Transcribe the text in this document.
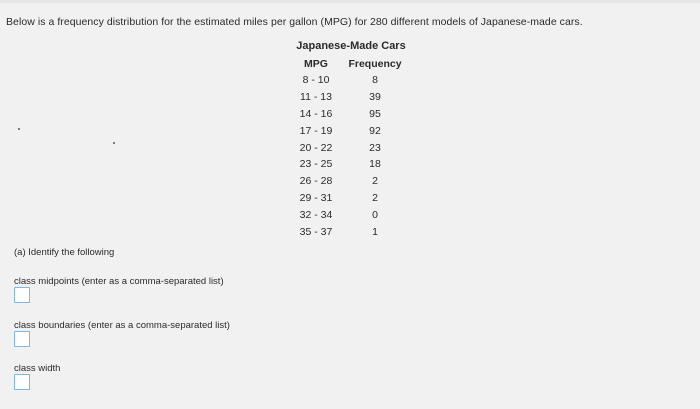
Below is a frequency distribution for the estimated miles per gallon (MPG) for 280 different models of Japanese-made cars.
Japanese-Made Cars
MPG	Frequency
8 - 10	8
11 - 13	39
14 - 16	95
17 - 19	92
20 - 22	23
23 - 25	18
26 - 28	2
29 - 31	2
32 - 34	0
35 - 37	1
(a) Identify the following
class midpoints (enter as a comma-separated list)
class boundaries (enter as a comma-separated list)
class width
